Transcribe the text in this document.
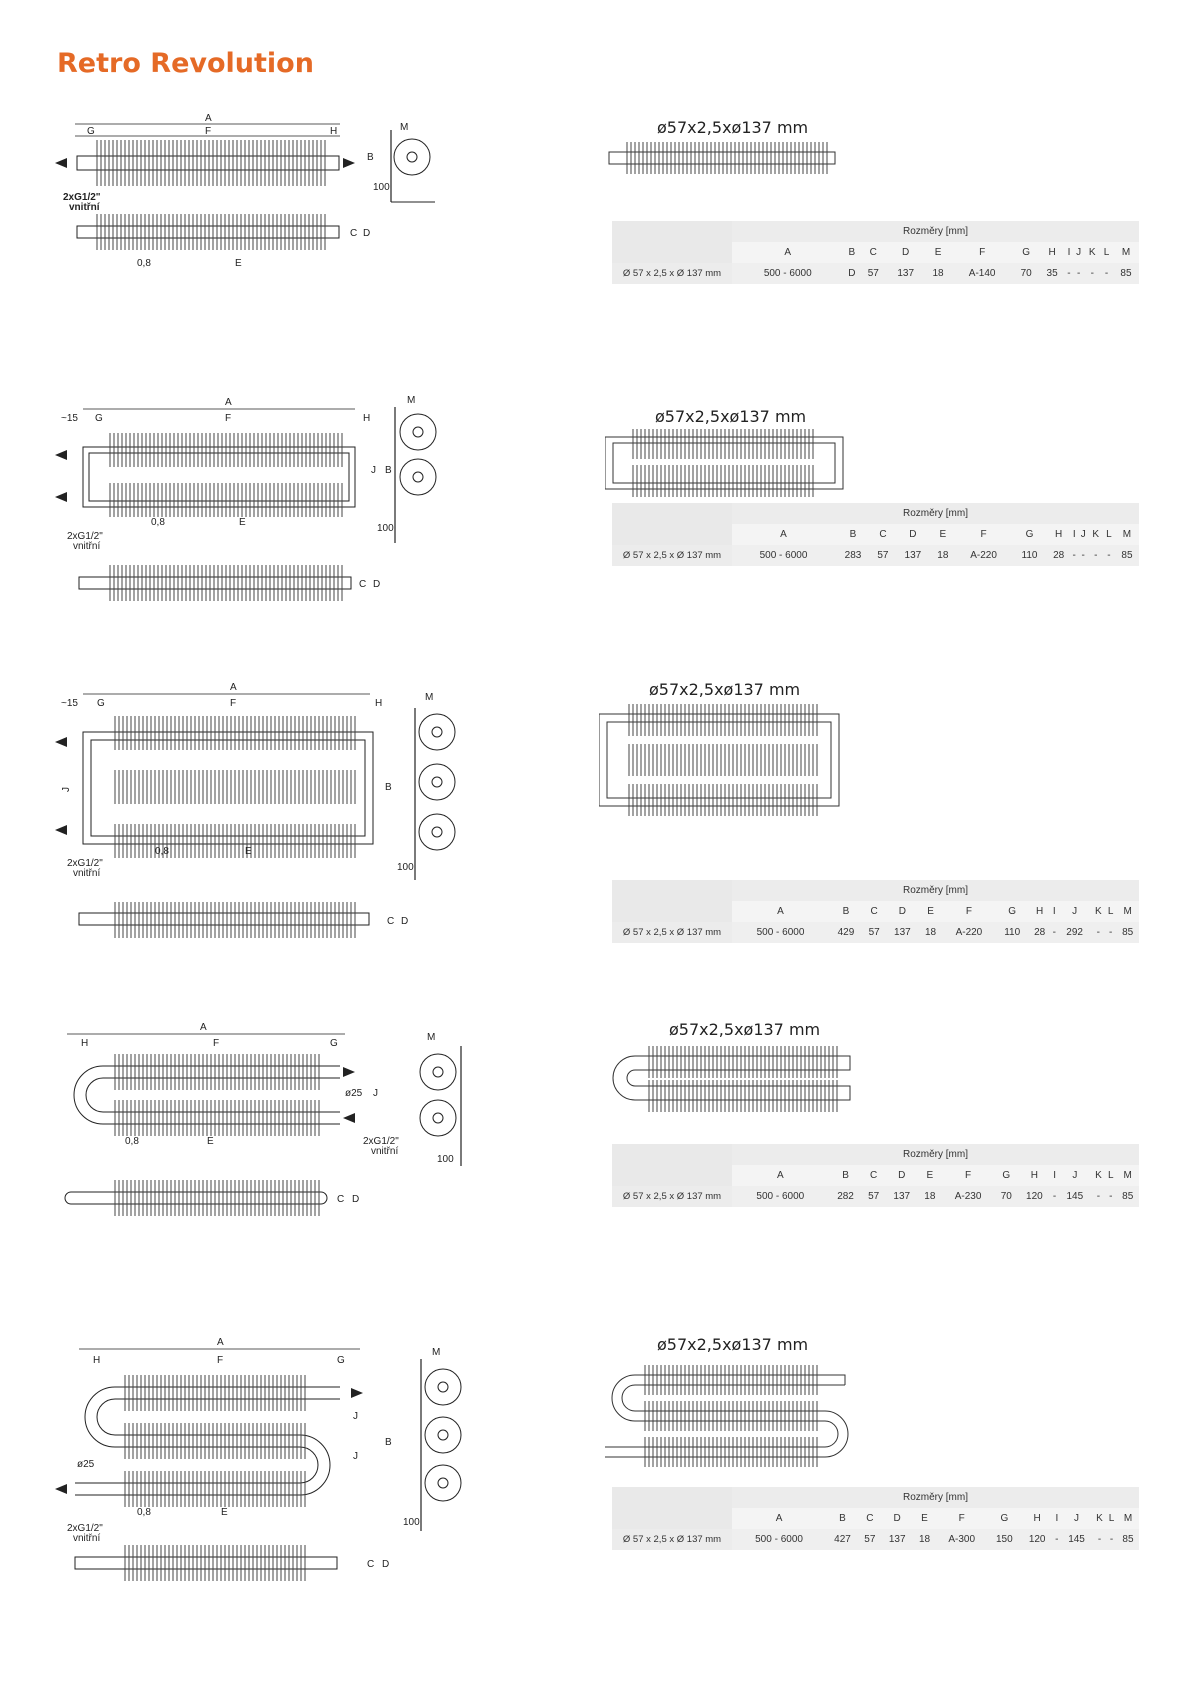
Retro Revolution
A
G	F	H
2xG1/2"
vnitřní
0,8	E
C D
M
B
100
ø57x2,5xø137 mm
	Rozměry [mm]												
	A	B	C	D	E	F	G	H	I	J	K	L	M
Ø 57 x 2,5 x Ø 137 mm	500 - 6000	D	57	137	18	A-140	70	35	-	-	-	-	85
A
~15 G	F	H
0,8	E
2xG1/2"
vnitřní
J B
C D
M
100
ø57x2,5xø137 mm
	Rozměry [mm]												
	A	B	C	D	E	F	G	H	I	J	K	L	M
Ø 57 x 2,5 x Ø 137 mm	500 - 6000	283	57	137	18	A-220	110	28	-	-	-	-	85
A
~15 G	F	H
J
0,8	E
2xG1/2"
vnitřní
B
C D
M
100
ø57x2,5xø137 mm
	Rozměry [mm]												
	A	B	C	D	E	F	G	H	I	J	K	L	M
Ø 57 x 2,5 x Ø 137 mm	500 - 6000	429	57	137	18	A-220	110	28	-	292	-	-	85
A
H	F	G
ø25 J
0,8	E	2xG1/2"
vnitřní
C D
M
100
ø57x2,5xø137 mm
	Rozměry [mm]												
	A	B	C	D	E	F	G	H	I	J	K	L	M
Ø 57 x 2,5 x Ø 137 mm	500 - 6000	282	57	137	18	A-230	70	120	-	145	-	-	85
A
H	F	G
ø25
J
J
B
0,8	E
2xG1/2"
vnitřní
C D
M
100
ø57x2,5xø137 mm
	Rozměry [mm]												
	A	B	C	D	E	F	G	H	I	J	K	L	M
Ø 57 x 2,5 x Ø 137 mm	500 - 6000	427	57	137	18	A-300	150	120	-	145	-	-	85
